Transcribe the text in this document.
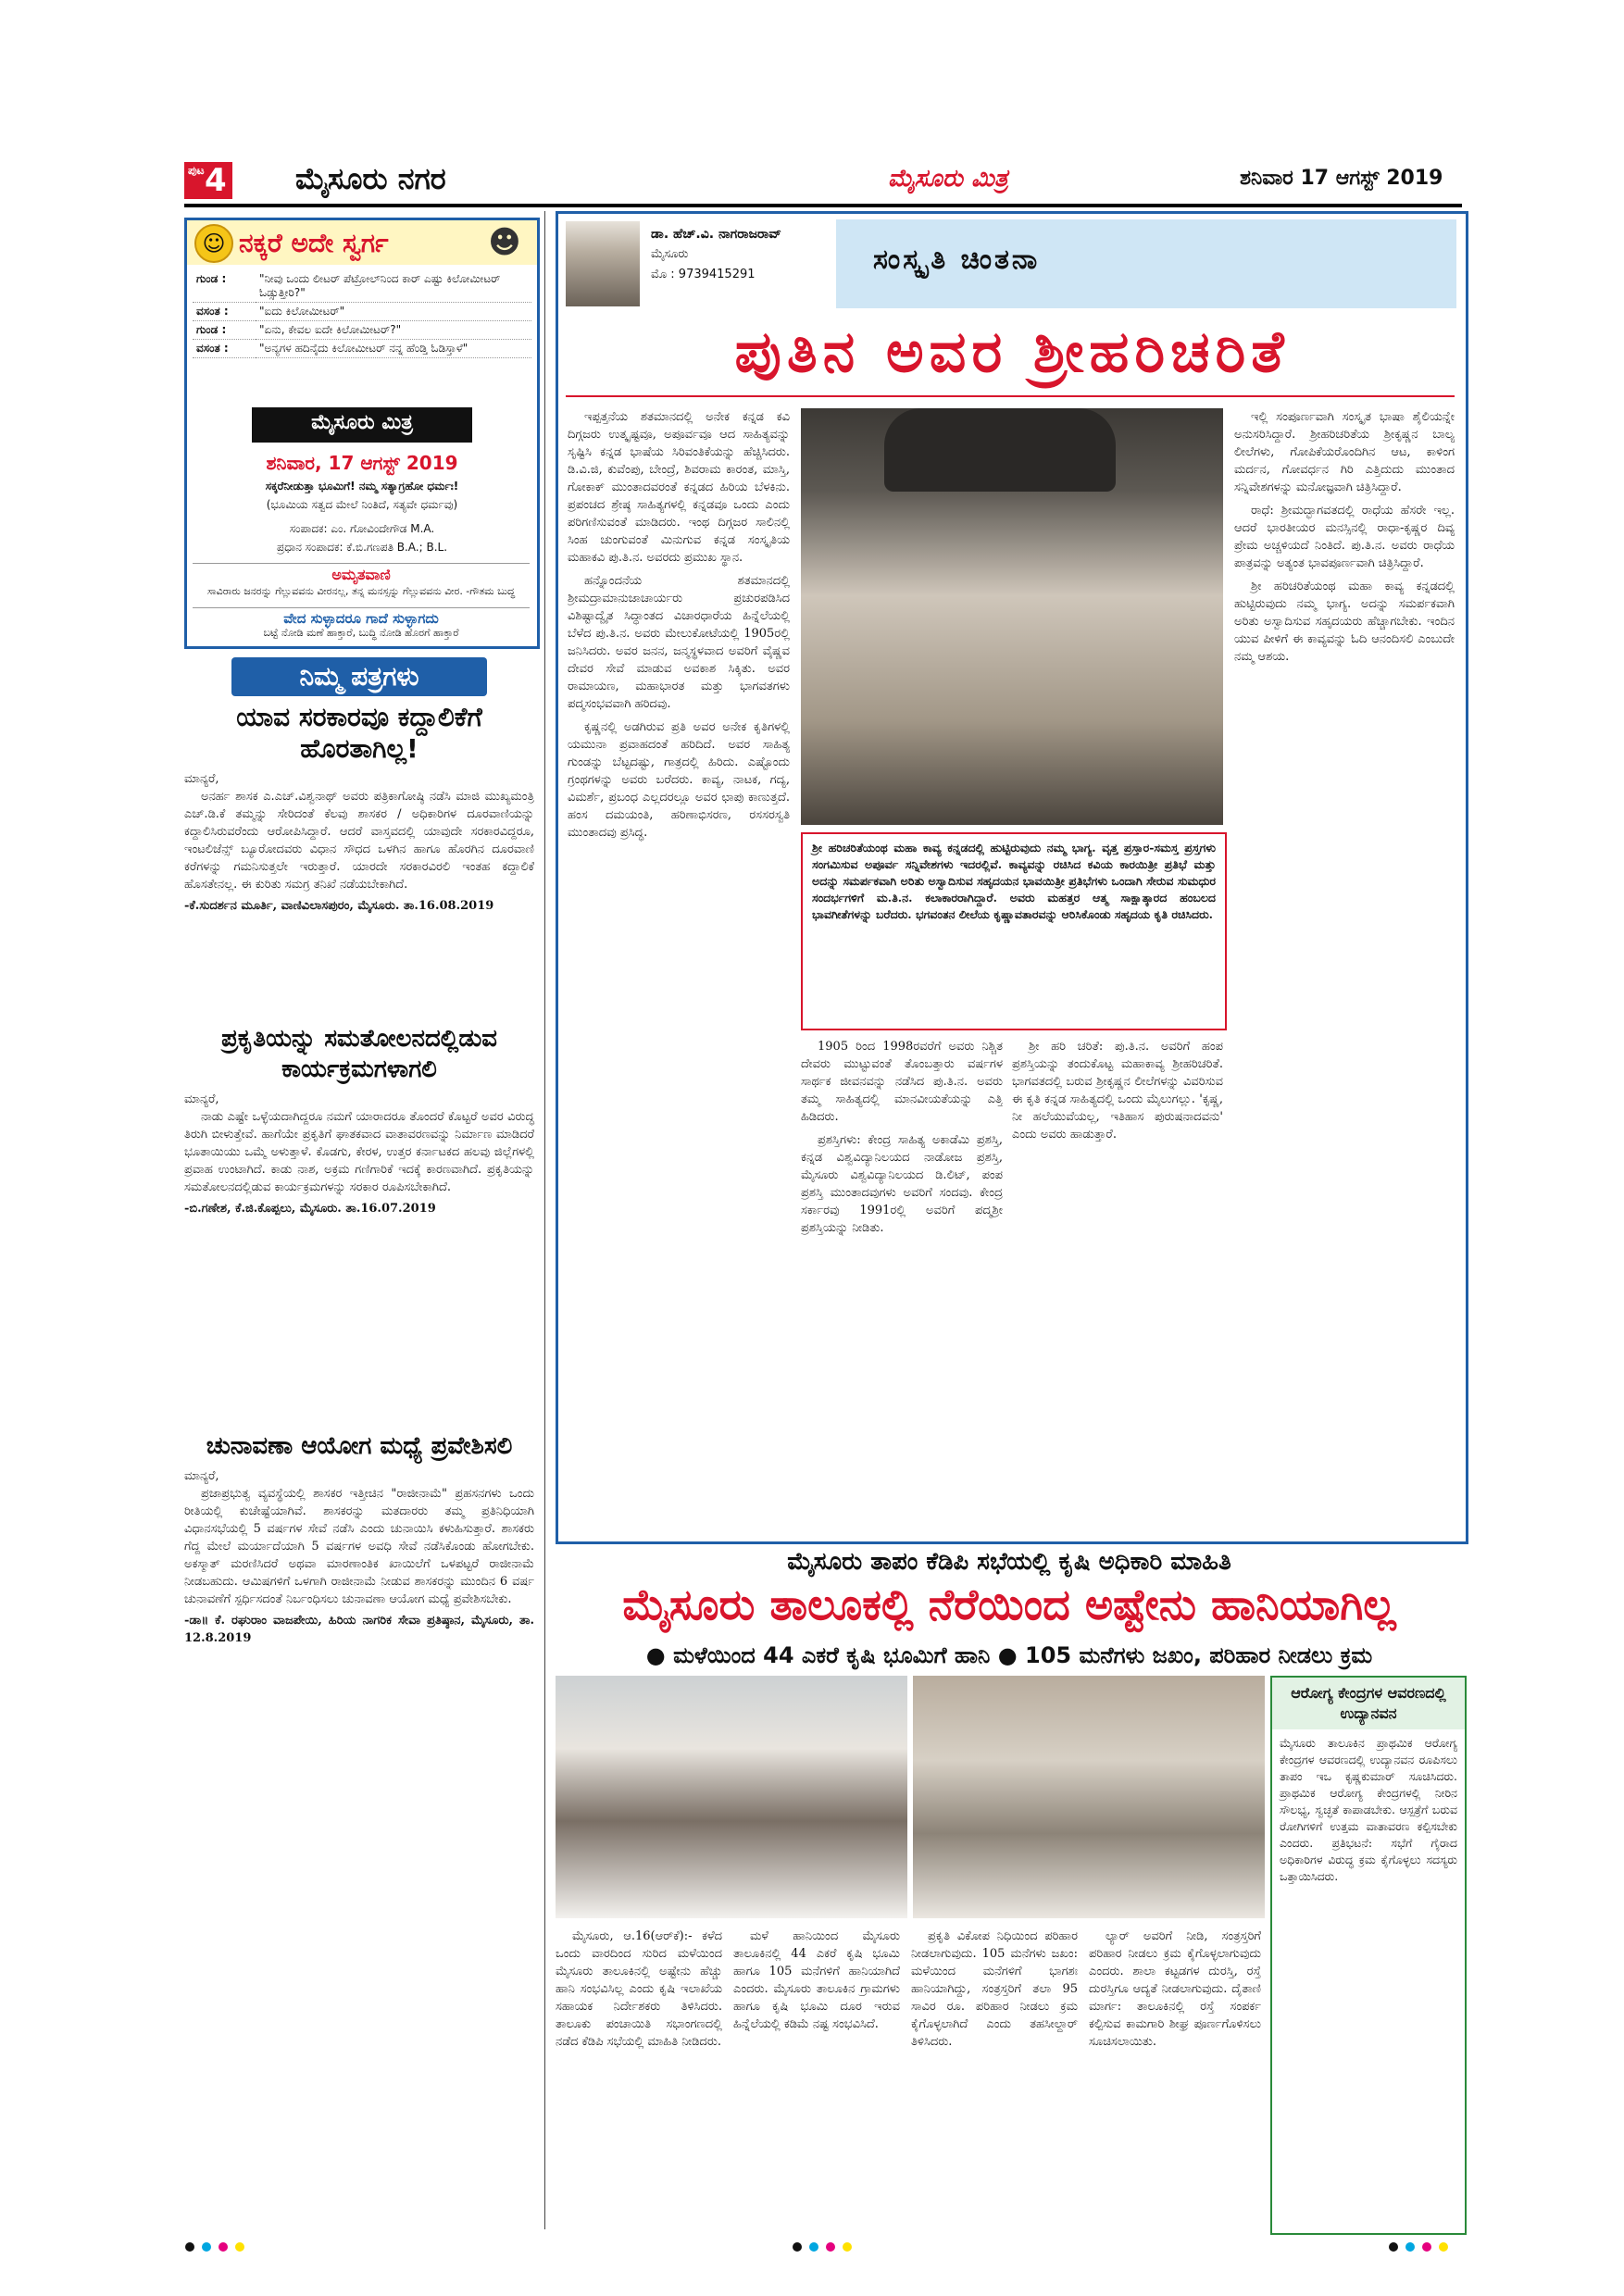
ಪುಟ 4 ಮೈಸೂರು ನಗರ	ಮೈಸೂರು ಮಿತ್ರ	ಶನಿವಾರ 17 ಆಗಸ್ಟ್ 2019
☺ ನಕ್ಕರೆ ಅದೇ ಸ್ವರ್ಗ	☻
ಗುಂಡ :	"ನೀವು ಒಂದು ಲೀಟರ್ ಪೆಟ್ರೋಲ್‌ನಿಂದ ಕಾರ್ ಎಷ್ಟು ಕಿಲೋಮೀಟರ್ ಓಡ್ಸುತ್ತೀರಿ?"
ವಸಂತ :	"ಐದು ಕಿಲೋಮೀಟರ್"
ಗುಂಡ :	"ಏನು, ಕೇವಲ ಐದೇ ಕಿಲೋಮೀಟರ್?"
ವಸಂತ :	"ಅನ್ಯಗಳ ಹದಿನೈದು ಕಿಲೋಮೀಟರ್ ನನ್ನ ಹೆಂಡ್ತಿ ಓಡಿಸ್ತಾಳೆ"
ಮೈಸೂರು ಮಿತ್ರ
ಶನಿವಾರ, 17 ಆಗಸ್ಟ್ 2019
ಸಕ್ಕರೆನೀಡುತ್ತಾ ಭೂಮಿಗೆ! ನಮ್ಮ ಸತ್ಯಾಗ್ರಹೋ ಧರ್ಮಃ!
(ಭೂಮಿಯ ಸತ್ವದ ಮೇಲೆ ನಿಂತಿದೆ, ಸತ್ಯವೇ ಧರ್ಮವು)
ಸಂಪಾದಕ: ಎಂ. ಗೋವಿಂದೇಗೌಡ M.A.
ಪ್ರಧಾನ ಸಂಪಾದಕ: ಕೆ.ಬಿ.ಗಣಪತಿ B.A.; B.L.
ಅಮೃತವಾಣಿ
ಸಾವಿರಾರು ಜನರನ್ನು ಗೆಲ್ಲುವವನು ವೀರನಲ್ಲ, ತನ್ನ ಮನಸ್ಸನ್ನು ಗೆಲ್ಲುವವನು ವೀರ. -ಗೌತಮ ಬುದ್ಧ
ವೇದ ಸುಳ್ಳಾದರೂ ಗಾದೆ ಸುಳ್ಳಾಗದು
ಬಟ್ಟೆ ನೋಡಿ ಮಣೆ ಹಾಕ್ತಾರೆ, ಬುದ್ಧಿ ನೋಡಿ ಹೊರಗೆ ಹಾಕ್ತಾರೆ
ನಿಮ್ಮ ಪತ್ರಗಳು
ಯಾವ ಸರಕಾರವೂ ಕದ್ದಾಲಿಕೆಗೆ ಹೊರತಾಗಿಲ್ಲ!
ಮಾನ್ಯರೆ,
ಅನರ್ಹ ಶಾಸಕ ಎ.ಎಚ್.ವಿಶ್ವನಾಥ್ ಅವರು ಪತ್ರಿಕಾಗೋಷ್ಠಿ ನಡೆಸಿ ಮಾಜಿ ಮುಖ್ಯಮಂತ್ರಿ ಎಚ್.ಡಿ.ಕೆ ತಮ್ಮನ್ನು ಸೇರಿದಂತೆ ಕೆಲವು ಶಾಸಕರ / ಅಧಿಕಾರಿಗಳ ದೂರವಾಣಿಯನ್ನು ಕದ್ದಾಲಿಸಿರುವರೆಂದು ಆರೋಪಿಸಿದ್ದಾರೆ. ಆದರೆ ವಾಸ್ತವದಲ್ಲಿ ಯಾವುದೇ ಸರಕಾರವಿದ್ದರೂ, ಇಂಟಲಿಜೆನ್ಸ್ ಬ್ಯೂರೋದವರು ವಿಧಾನ ಸೌಧದ ಒಳಗಿನ ಹಾಗೂ ಹೊರಗಿನ ದೂರವಾಣಿ ಕರೆಗಳನ್ನು ಗಮನಿಸುತ್ತಲೇ ಇರುತ್ತಾರೆ. ಯಾರದೇ ಸರಕಾರವಿರಲಿ ಇಂತಹ ಕದ್ದಾಲಿಕೆ ಹೊಸತೇನಲ್ಲ. ಈ ಕುರಿತು ಸಮಗ್ರ ತನಿಖೆ ನಡೆಯಬೇಕಾಗಿದೆ.
-ಕೆ.ಸುದರ್ಶನ ಮೂರ್ತಿ, ವಾಣಿವಿಲಾಸಪುರಂ, ಮೈಸೂರು. ತಾ.16.08.2019
ಪ್ರಕೃತಿಯನ್ನು ಸಮತೋಲನದಲ್ಲಿಡುವ ಕಾರ್ಯಕ್ರಮಗಳಾಗಲಿ
ಮಾನ್ಯರೆ,
ನಾಡು ಎಷ್ಟೇ ಒಳ್ಳೆಯದಾಗಿದ್ದರೂ ನಮಗೆ ಯಾರಾದರೂ ತೊಂದರೆ ಕೊಟ್ಟರೆ ಅವರ ವಿರುದ್ಧ ತಿರುಗಿ ಬೀಳುತ್ತೇವೆ. ಹಾಗೆಯೇ ಪ್ರಕೃತಿಗೆ ಘಾತಕವಾದ ವಾತಾವರಣವನ್ನು ನಿರ್ಮಾಣ ಮಾಡಿದರೆ ಭೂತಾಯಿಯು ಒಮ್ಮೆ ಅಳುತ್ತಾಳೆ. ಕೊಡಗು, ಕೇರಳ, ಉತ್ತರ ಕರ್ನಾಟಕದ ಹಲವು ಜಿಲ್ಲೆಗಳಲ್ಲಿ ಪ್ರವಾಹ ಉಂಟಾಗಿದೆ. ಕಾಡು ನಾಶ, ಅಕ್ರಮ ಗಣಿಗಾರಿಕೆ ಇದಕ್ಕೆ ಕಾರಣವಾಗಿದೆ. ಪ್ರಕೃತಿಯನ್ನು ಸಮತೋಲನದಲ್ಲಿಡುವ ಕಾರ್ಯಕ್ರಮಗಳನ್ನು ಸರಕಾರ ರೂಪಿಸಬೇಕಾಗಿದೆ.
-ಬಿ.ಗಣೇಶ, ಕೆ.ಜಿ.ಕೊಪ್ಪಲು, ಮೈಸೂರು. ತಾ.16.07.2019
ಚುನಾವಣಾ ಆಯೋಗ ಮಧ್ಯೆ ಪ್ರವೇಶಿಸಲಿ
ಮಾನ್ಯರೆ,
ಪ್ರಜಾಪ್ರಭುತ್ವ ವ್ಯವಸ್ಥೆಯಲ್ಲಿ ಶಾಸಕರ ಇತ್ತೀಚಿನ "ರಾಜೀನಾಮೆ" ಪ್ರಹಸನಗಳು ಒಂದು ರೀತಿಯಲ್ಲಿ ಕುಚೇಷ್ಟೆಯಾಗಿವೆ. ಶಾಸಕರನ್ನು ಮತದಾರರು ತಮ್ಮ ಪ್ರತಿನಿಧಿಯಾಗಿ ವಿಧಾನಸಭೆಯಲ್ಲಿ 5 ವರ್ಷಗಳ ಸೇವೆ ನಡೆಸಿ ಎಂದು ಚುನಾಯಿಸಿ ಕಳುಹಿಸುತ್ತಾರೆ. ಶಾಸಕರು ಗೆದ್ದ ಮೇಲೆ ಮರ್ಯಾದೆಯಾಗಿ 5 ವರ್ಷಗಳ ಅವಧಿ ಸೇವೆ ನಡೆಸಿಕೊಂಡು ಹೋಗಬೇಕು. ಅಕಸ್ಮಾತ್ ಮರಣಿಸಿದರೆ ಅಥವಾ ಮಾರಣಾಂತಿಕ ಖಾಯಿಲೆಗೆ ಒಳಪಟ್ಟರೆ ರಾಜೀನಾಮೆ ನೀಡಬಹುದು. ಆಮಿಷಗಳಿಗೆ ಒಳಗಾಗಿ ರಾಜೀನಾಮೆ ನೀಡುವ ಶಾಸಕರನ್ನು ಮುಂದಿನ 6 ವರ್ಷ ಚುನಾವಣೆಗೆ ಸ್ಪರ್ಧಿಸದಂತೆ ನಿರ್ಬಂಧಿಸಲು ಚುನಾವಣಾ ಆಯೋಗ ಮಧ್ಯೆ ಪ್ರವೇಶಿಸಬೇಕು.
-ಡಾ॥ ಕೆ. ರಘುರಾಂ ವಾಜಪೇಯಿ, ಹಿರಿಯ ನಾಗರಿಕ ಸೇವಾ ಪ್ರತಿಷ್ಠಾನ, ಮೈಸೂರು, ತಾ. 12.8.2019
ಡಾ. ಹೆಚ್.ವಿ. ನಾಗರಾಜರಾವ್
ಮೈಸೂರು
ಮೊ : 9739415291	ಸಂಸ್ಕೃತಿ ಚಿಂತನಾ
ಪುತಿನ ಅವರ ಶ್ರೀಹರಿಚರಿತೆ

ಇಪ್ಪತ್ತನೆಯ ಶತಮಾನದಲ್ಲಿ ಅನೇಕ ಕನ್ನಡ ಕವಿ ದಿಗ್ಗಜರು ಉತ್ಕೃಷ್ಟವೂ, ಅಪೂರ್ವವೂ ಆದ ಸಾಹಿತ್ಯವನ್ನು ಸೃಷ್ಟಿಸಿ ಕನ್ನಡ ಭಾಷೆಯ ಸಿರಿವಂತಿಕೆಯನ್ನು ಹೆಚ್ಚಿಸಿದರು. ಡಿ.ವಿ.ಜಿ, ಕುವೆಂಪು, ಬೇಂದ್ರೆ, ಶಿವರಾಮ ಕಾರಂತ, ಮಾಸ್ತಿ, ಗೋಕಾಕ್ ಮುಂತಾದವರಂತೆ ಕನ್ನಡದ ಹಿರಿಯ ಬೆಳಕಿನು. ಪ್ರಪಂಚದ ಶ್ರೇಷ್ಠ ಸಾಹಿತ್ಯಗಳಲ್ಲಿ ಕನ್ನಡವೂ ಒಂದು ಎಂದು ಪರಿಗಣಿಸುವಂತೆ ಮಾಡಿದರು. ಇಂಥ ದಿಗ್ಗಜರ ಸಾಲಿನಲ್ಲಿ ಸಿಂಹ ಚುಂಗುವಂತೆ ಮಿನುಗುವ ಕನ್ನಡ ಸಂಸ್ಕೃತಿಯ ಮಹಾಕವಿ ಪು.ತಿ.ನ. ಅವರದು ಪ್ರಮುಖ ಸ್ಥಾನ.

ಹನ್ನೊಂದನೆಯ ಶತಮಾನದಲ್ಲಿ ಶ್ರೀಮದ್ರಾಮಾನುಜಾಚಾರ್ಯರು ಪ್ರಚುರಪಡಿಸಿದ ವಿಶಿಷ್ಟಾದ್ವೈತ ಸಿದ್ಧಾಂತದ ವಿಚಾರಧಾರೆಯ ಹಿನ್ನೆಲೆಯಲ್ಲಿ ಬೆಳೆದ ಪು.ತಿ.ನ. ಅವರು ಮೇಲುಕೋಟೆಯಲ್ಲಿ 1905ರಲ್ಲಿ ಜನಿಸಿದರು. ಅವರ ಜನನ, ಜನ್ಮಸ್ಥಳವಾದ ಅವರಿಗೆ ವೈಷ್ಣವ ದೇವರ ಸೇವೆ ಮಾಡುವ ಅವಕಾಶ ಸಿಕ್ಕಿತು. ಅವರ ರಾಮಾಯಣ, ಮಹಾಭಾರತ ಮತ್ತು ಭಾಗವತಗಳು ಪದ್ಮಸಂಭವವಾಗಿ ಹರಿದವು.

ಕೃಷ್ಣನಲ್ಲಿ ಅಡಗಿರುವ ಪ್ರತಿ ಅವರ ಅನೇಕ ಕೃತಿಗಳಲ್ಲಿ ಯಮುನಾ ಪ್ರವಾಹದಂತೆ ಹರಿದಿದೆ. ಅವರ ಸಾಹಿತ್ಯ ಗುಂಡನ್ನು ಬೆಟ್ಟದಷ್ಟು, ಗಾತ್ರದಲ್ಲಿ ಹಿರಿದು. ಎಷ್ಟೊಂದು ಗ್ರಂಥಗಳನ್ನು ಅವರು ಬರೆದರು. ಕಾವ್ಯ, ನಾಟಕ, ಗದ್ಯ, ವಿಮರ್ಶೆ, ಪ್ರಬಂಧ ಎಲ್ಲದರಲ್ಲೂ ಅವರ ಛಾಪು ಕಾಣುತ್ತದೆ. ಹಂಸ ದಮಯಂತಿ, ಹರಿಣಾಭಿಸರಣ, ರಸಸರಸ್ವತಿ ಮುಂತಾದವು ಪ್ರಸಿದ್ಧ.

ಶ್ರೀ ಹರಿಚರಿತೆಯಂಥ ಮಹಾ ಕಾವ್ಯ ಕನ್ನಡದಲ್ಲಿ ಹುಟ್ಟಿರುವುದು ನಮ್ಮ ಭಾಗ್ಯ. ವೃತ್ತ ಪ್ರಸ್ತಾರ-ಸಮಸ್ತ ಪ್ರಸ್ತಗಳು ಸಂಗಮಿಸುವ ಅಪೂರ್ವ ಸನ್ನಿವೇಶಗಳು ಇದರಲ್ಲಿವೆ. ಕಾವ್ಯವನ್ನು ರಚಿಸಿದ ಕವಿಯ ಕಾರಯಿತ್ರೀ ಪ್ರತಿಭೆ ಮತ್ತು ಅದನ್ನು ಸಮರ್ಪಕವಾಗಿ ಅರಿತು ಅಸ್ವಾದಿಸುವ ಸಹೃದಯನ ಭಾವಯಿತ್ರೀ ಪ್ರತಿಭೆಗಳು ಒಂದಾಗಿ ಸೇರುವ ಸುಮಧುರ ಸಂದರ್ಭಗಳಿಗೆ ಮ.ತಿ.ನ. ಕಲಾಕಾರರಾಗಿದ್ದಾರೆ. ಅವರು ಮಹತ್ತರ ಆತ್ಮ ಸಾಕ್ಷಾತ್ಕಾರದ ಹಂಬಲದ ಭಾವಗೀತೆಗಳನ್ನು ಬರೆದರು. ಭಗವಂತನ ಲೀಲೆಯ ಕೃಷ್ಣಾವತಾರವನ್ನು ಆರಿಸಿಕೊಂಡು ಸಹೃದಯ ಕೃತಿ ರಚಿಸಿದರು.

1905 ರಿಂದ 1998ರವರೆಗೆ ಅವರು ನಿಶ್ಚಿತ ದೇವರು ಮುಟ್ಟುವಂತೆ ತೊಂಬತ್ತಾರು ವರ್ಷಗಳ ಸಾರ್ಥಕ ಜೀವನವನ್ನು ನಡೆಸಿದ ಪು.ತಿ.ನ. ಅವರು ತಮ್ಮ ಸಾಹಿತ್ಯದಲ್ಲಿ ಮಾನವೀಯತೆಯನ್ನು ಎತ್ತಿ ಹಿಡಿದರು.

ಪ್ರಶಸ್ತಿಗಳು: ಕೇಂದ್ರ ಸಾಹಿತ್ಯ ಅಕಾಡೆಮಿ ಪ್ರಶಸ್ತಿ, ಕನ್ನಡ ವಿಶ್ವವಿದ್ಯಾನಿಲಯದ ನಾಡೋಜ ಪ್ರಶಸ್ತಿ, ಮೈಸೂರು ವಿಶ್ವವಿದ್ಯಾನಿಲಯದ ಡಿ.ಲಿಟ್, ಪಂಪ ಪ್ರಶಸ್ತಿ ಮುಂತಾದವುಗಳು ಅವರಿಗೆ ಸಂದವು. ಕೇಂದ್ರ ಸರ್ಕಾರವು 1991ರಲ್ಲಿ ಅವರಿಗೆ ಪದ್ಮಶ್ರೀ ಪ್ರಶಸ್ತಿಯನ್ನು ನೀಡಿತು.

ಶ್ರೀ ಹರಿ ಚರಿತೆ: ಪು.ತಿ.ನ. ಅವರಿಗೆ ಹಂಪ ಪ್ರಶಸ್ತಿಯನ್ನು ತಂದುಕೊಟ್ಟ ಮಹಾಕಾವ್ಯ ಶ್ರೀಹರಿಚರಿತೆ. ಭಾಗವತದಲ್ಲಿ ಬರುವ ಶ್ರೀಕೃಷ್ಣನ ಲೀಲೆಗಳನ್ನು ವಿವರಿಸುವ ಈ ಕೃತಿ ಕನ್ನಡ ಸಾಹಿತ್ಯದಲ್ಲಿ ಒಂದು ಮೈಲುಗಲ್ಲು. 'ಕೃಷ್ಣ, ನೀ ಹಲೆಯುವೆಯಲ್ಲ, ಇತಿಹಾಸ ಪುರುಷನಾದವನು' ಎಂದು ಅವರು ಹಾಡುತ್ತಾರೆ.

ಇಲ್ಲಿ ಸಂಪೂರ್ಣವಾಗಿ ಸಂಸ್ಕೃತ ಭಾಷಾ ಶೈಲಿಯನ್ನೇ ಅನುಸರಿಸಿದ್ದಾರೆ. ಶ್ರೀಹರಿಚರಿತೆಯ ಶ್ರೀಕೃಷ್ಣನ ಬಾಲ್ಯ ಲೀಲೆಗಳು, ಗೋಪಿಕೆಯರೊಂದಿಗಿನ ಆಟ, ಕಾಳಿಂಗ ಮರ್ದನ, ಗೋವರ್ಧನ ಗಿರಿ ಎತ್ತಿದುದು ಮುಂತಾದ ಸನ್ನಿವೇಶಗಳನ್ನು ಮನೋಜ್ಞವಾಗಿ ಚಿತ್ರಿಸಿದ್ದಾರೆ.

ರಾಧೆ: ಶ್ರೀಮದ್ಭಾಗವತದಲ್ಲಿ ರಾಧೆಯ ಹೆಸರೇ ಇಲ್ಲ. ಆದರೆ ಭಾರತೀಯರ ಮನಸ್ಸಿನಲ್ಲಿ ರಾಧಾ-ಕೃಷ್ಣರ ದಿವ್ಯ ಪ್ರೇಮ ಅಚ್ಚಳಿಯದೆ ನಿಂತಿದೆ. ಪು.ತಿ.ನ. ಅವರು ರಾಧೆಯ ಪಾತ್ರವನ್ನು ಅತ್ಯಂತ ಭಾವಪೂರ್ಣವಾಗಿ ಚಿತ್ರಿಸಿದ್ದಾರೆ.

ಶ್ರೀ ಹರಿಚರಿತೆಯಂಥ ಮಹಾ ಕಾವ್ಯ ಕನ್ನಡದಲ್ಲಿ ಹುಟ್ಟಿರುವುದು ನಮ್ಮ ಭಾಗ್ಯ. ಅದನ್ನು ಸಮರ್ಪಕವಾಗಿ ಅರಿತು ಅಸ್ವಾದಿಸುವ ಸಹೃದಯರು ಹೆಚ್ಚಾಗಬೇಕು. ಇಂದಿನ ಯುವ ಪೀಳಿಗೆ ಈ ಕಾವ್ಯವನ್ನು ಓದಿ ಆನಂದಿಸಲಿ ಎಂಬುದೇ ನಮ್ಮ ಆಶಯ.

ಮೈಸೂರು ತಾಪಂ ಕೆಡಿಪಿ ಸಭೆಯಲ್ಲಿ ಕೃಷಿ ಅಧಿಕಾರಿ ಮಾಹಿತಿ
ಮೈಸೂರು ತಾಲೂಕಲ್ಲಿ ನೆರೆಯಿಂದ ಅಷ್ಟೇನು ಹಾನಿಯಾಗಿಲ್ಲ
● ಮಳೆಯಿಂದ 44 ಎಕರೆ ಕೃಷಿ ಭೂಮಿಗೆ ಹಾನಿ ● 105 ಮನೆಗಳು ಜಖಂ, ಪರಿಹಾರ ನೀಡಲು ಕ್ರಮ
ಆರೋಗ್ಯ ಕೇಂದ್ರಗಳ ಆವರಣದಲ್ಲಿ ಉದ್ಯಾನವನ
ಮೈಸೂರು ತಾಲೂಕಿನ ಪ್ರಾಥಮಿಕ ಆರೋಗ್ಯ ಕೇಂದ್ರಗಳ ಆವರಣದಲ್ಲಿ ಉದ್ಯಾನವನ ರೂಪಿಸಲು ತಾಪಂ ಇಒ ಕೃಷ್ಣಕುಮಾರ್ ಸೂಚಿಸಿದರು. ಪ್ರಾಥಮಿಕ ಆರೋಗ್ಯ ಕೇಂದ್ರಗಳಲ್ಲಿ ನೀರಿನ ಸೌಲಭ್ಯ, ಸ್ವಚ್ಛತೆ ಕಾಪಾಡಬೇಕು. ಆಸ್ಪತ್ರೆಗೆ ಬರುವ ರೋಗಿಗಳಿಗೆ ಉತ್ತಮ ವಾತಾವರಣ ಕಲ್ಪಿಸಬೇಕು ಎಂದರು. ಪ್ರತಿಭಟನೆ: ಸಭೆಗೆ ಗೈರಾದ ಅಧಿಕಾರಿಗಳ ವಿರುದ್ಧ ಕ್ರಮ ಕೈಗೊಳ್ಳಲು ಸದಸ್ಯರು ಒತ್ತಾಯಿಸಿದರು.

ಮೈಸೂರು, ಆ.16(ಆರ್‌ಕೆ):- ಕಳೆದ ಒಂದು ವಾರದಿಂದ ಸುರಿದ ಮಳೆಯಿಂದ ಮೈಸೂರು ತಾಲೂಕಿನಲ್ಲಿ ಅಷ್ಟೇನು ಹೆಚ್ಚು ಹಾನಿ ಸಂಭವಿಸಿಲ್ಲ ಎಂದು ಕೃಷಿ ಇಲಾಖೆಯ ಸಹಾಯಕ ನಿರ್ದೇಶಕರು ತಿಳಿಸಿದರು. ತಾಲೂಕು ಪಂಚಾಯಿತಿ ಸಭಾಂಗಣದಲ್ಲಿ ನಡೆದ ಕೆಡಿಪಿ ಸಭೆಯಲ್ಲಿ ಮಾಹಿತಿ ನೀಡಿದರು.

ಮಳೆ ಹಾನಿಯಿಂದ ಮೈಸೂರು ತಾಲೂಕಿನಲ್ಲಿ 44 ಎಕರೆ ಕೃಷಿ ಭೂಮಿ ಹಾಗೂ 105 ಮನೆಗಳಿಗೆ ಹಾನಿಯಾಗಿದೆ ಎಂದರು. ಮೈಸೂರು ತಾಲೂಕಿನ ಗ್ರಾಮಗಳು ಹಾಗೂ ಕೃಷಿ ಭೂಮಿ ದೂರ ಇರುವ ಹಿನ್ನೆಲೆಯಲ್ಲಿ ಕಡಿಮೆ ನಷ್ಟ ಸಂಭವಿಸಿದೆ.

ಪ್ರಕೃತಿ ವಿಕೋಪ ನಿಧಿಯಿಂದ ಪರಿಹಾರ ನೀಡಲಾಗುವುದು. 105 ಮನೆಗಳು ಜಖಂ: ಮಳೆಯಿಂದ ಮನೆಗಳಿಗೆ ಭಾಗಶಃ ಹಾನಿಯಾಗಿದ್ದು, ಸಂತ್ರಸ್ತರಿಗೆ ತಲಾ 95 ಸಾವಿರ ರೂ. ಪರಿಹಾರ ನೀಡಲು ಕ್ರಮ ಕೈಗೊಳ್ಳಲಾಗಿದೆ ಎಂದು ತಹಸೀಲ್ದಾರ್ ತಿಳಿಸಿದರು.

ಲ್ಯಾರ್ ಅವರಿಗೆ ನೀಡಿ, ಸಂತ್ರಸ್ತರಿಗೆ ಪರಿಹಾರ ನೀಡಲು ಕ್ರಮ ಕೈಗೊಳ್ಳಲಾಗುವುದು ಎಂದರು. ಶಾಲಾ ಕಟ್ಟಡಗಳ ದುರಸ್ತಿ, ರಸ್ತೆ ದುರಸ್ತಿಗೂ ಆದ್ಯತೆ ನೀಡಲಾಗುವುದು. ದೈತಾಣಿ ಮಾರ್ಗ: ತಾಲೂಕಿನಲ್ಲಿ ರಸ್ತೆ ಸಂಪರ್ಕ ಕಲ್ಪಿಸುವ ಕಾಮಗಾರಿ ಶೀಘ್ರ ಪೂರ್ಣಗೊಳಿಸಲು ಸೂಚಿಸಲಾಯಿತು.
